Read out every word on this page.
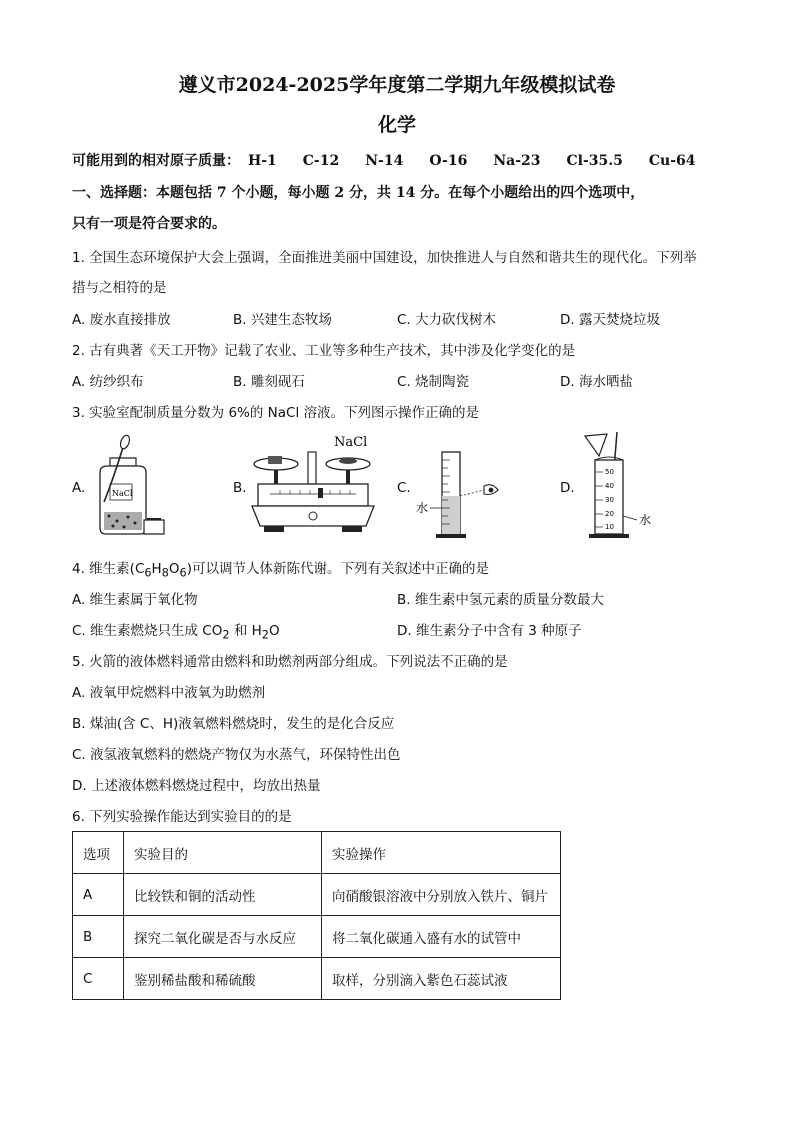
遵义市2024-2025学年度第二学期九年级模拟试卷
化学
可能用到的相对原子质量： H-1 C-12 N-14 O-16 Na-23 Cl-35.5 Cu-64
一、选择题：本题包括 7 个小题，每小题 2 分，共 14 分。在每个小题给出的四个选项中，
只有一项是符合要求的。
1. 全国生态环境保护大会上强调，全面推进美丽中国建设，加快推进人与自然和谐共生的现代化。下列举
措与之相符的是
A. 废水直接排放	B. 兴建生态牧场	C. 大力砍伐树木	D. 露天焚烧垃圾
2. 古有典著《天工开物》记载了农业、工业等多种生产技术，其中涉及化学变化的是
A. 纺纱织布	B. 雕刻砚石	C. 烧制陶瓷	D. 海水晒盐
3. 实验室配制质量分数为 6%的 NaCl 溶液。下列图示操作正确的是
A.	NaCl	B.
NaCl
C.
水
D.
50
40
30
20
10 水
4. 维生素$(C_6H_8O_6)$可以调节人体新陈代谢。下列有关叙述中正确的是
A. 维生素属于氧化物	B. 维生素中氢元素的质量分数最大
C. 维生素燃烧只生成 $CO_2$ 和 $H_2O$	D. 维生素分子中含有 3 种原子
5. 火箭的液体燃料通常由燃料和助燃剂两部分组成。下列说法不正确的是
A. 液氧甲烷燃料中液氧为助燃剂
B. 煤油(含 C、H)液氧燃料燃烧时，发生的是化合反应
C. 液氢液氧燃料的燃烧产物仅为水蒸气，环保特性出色
D. 上述液体燃料燃烧过程中，均放出热量
6. 下列实验操作能达到实验目的的是
选项	实验目的	实验操作
A	比较铁和铜的活动性	向硝酸银溶液中分别放入铁片、铜片
B	探究二氧化碳是否与水反应	将二氧化碳通入盛有水的试管中
C	鉴别稀盐酸和稀硫酸	取样，分别滴入紫色石蕊试液
